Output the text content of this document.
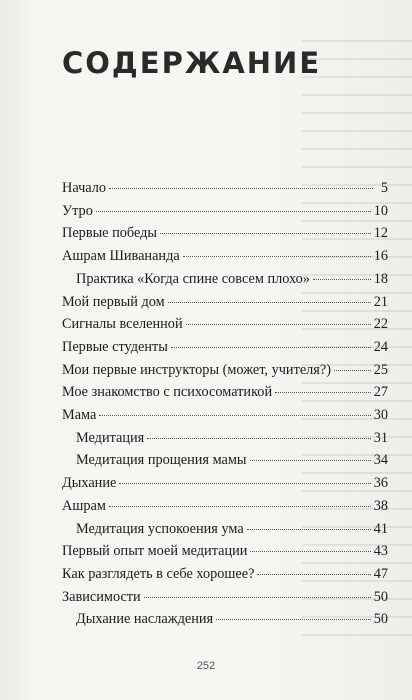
СОДЕРЖАНИЕ
Начало	5
Утро	10
Первые победы	12
Ашрам Шивананда	16
Практика «Когда спине совсем плохо»	18
Мой первый дом	21
Сигналы вселенной	22
Первые студенты	24
Мои первые инструкторы (может, учителя?)	25
Мое знакомство с психосоматикой	27
Мама	30
Медитация	31
Медитация прощения мамы	34
Дыхание	36
Ашрам	38
Медитация успокоения ума	41
Первый опыт моей медитации	43
Как разглядеть в себе хорошее?	47
Зависимости	50
Дыхание наслаждения	50
252
